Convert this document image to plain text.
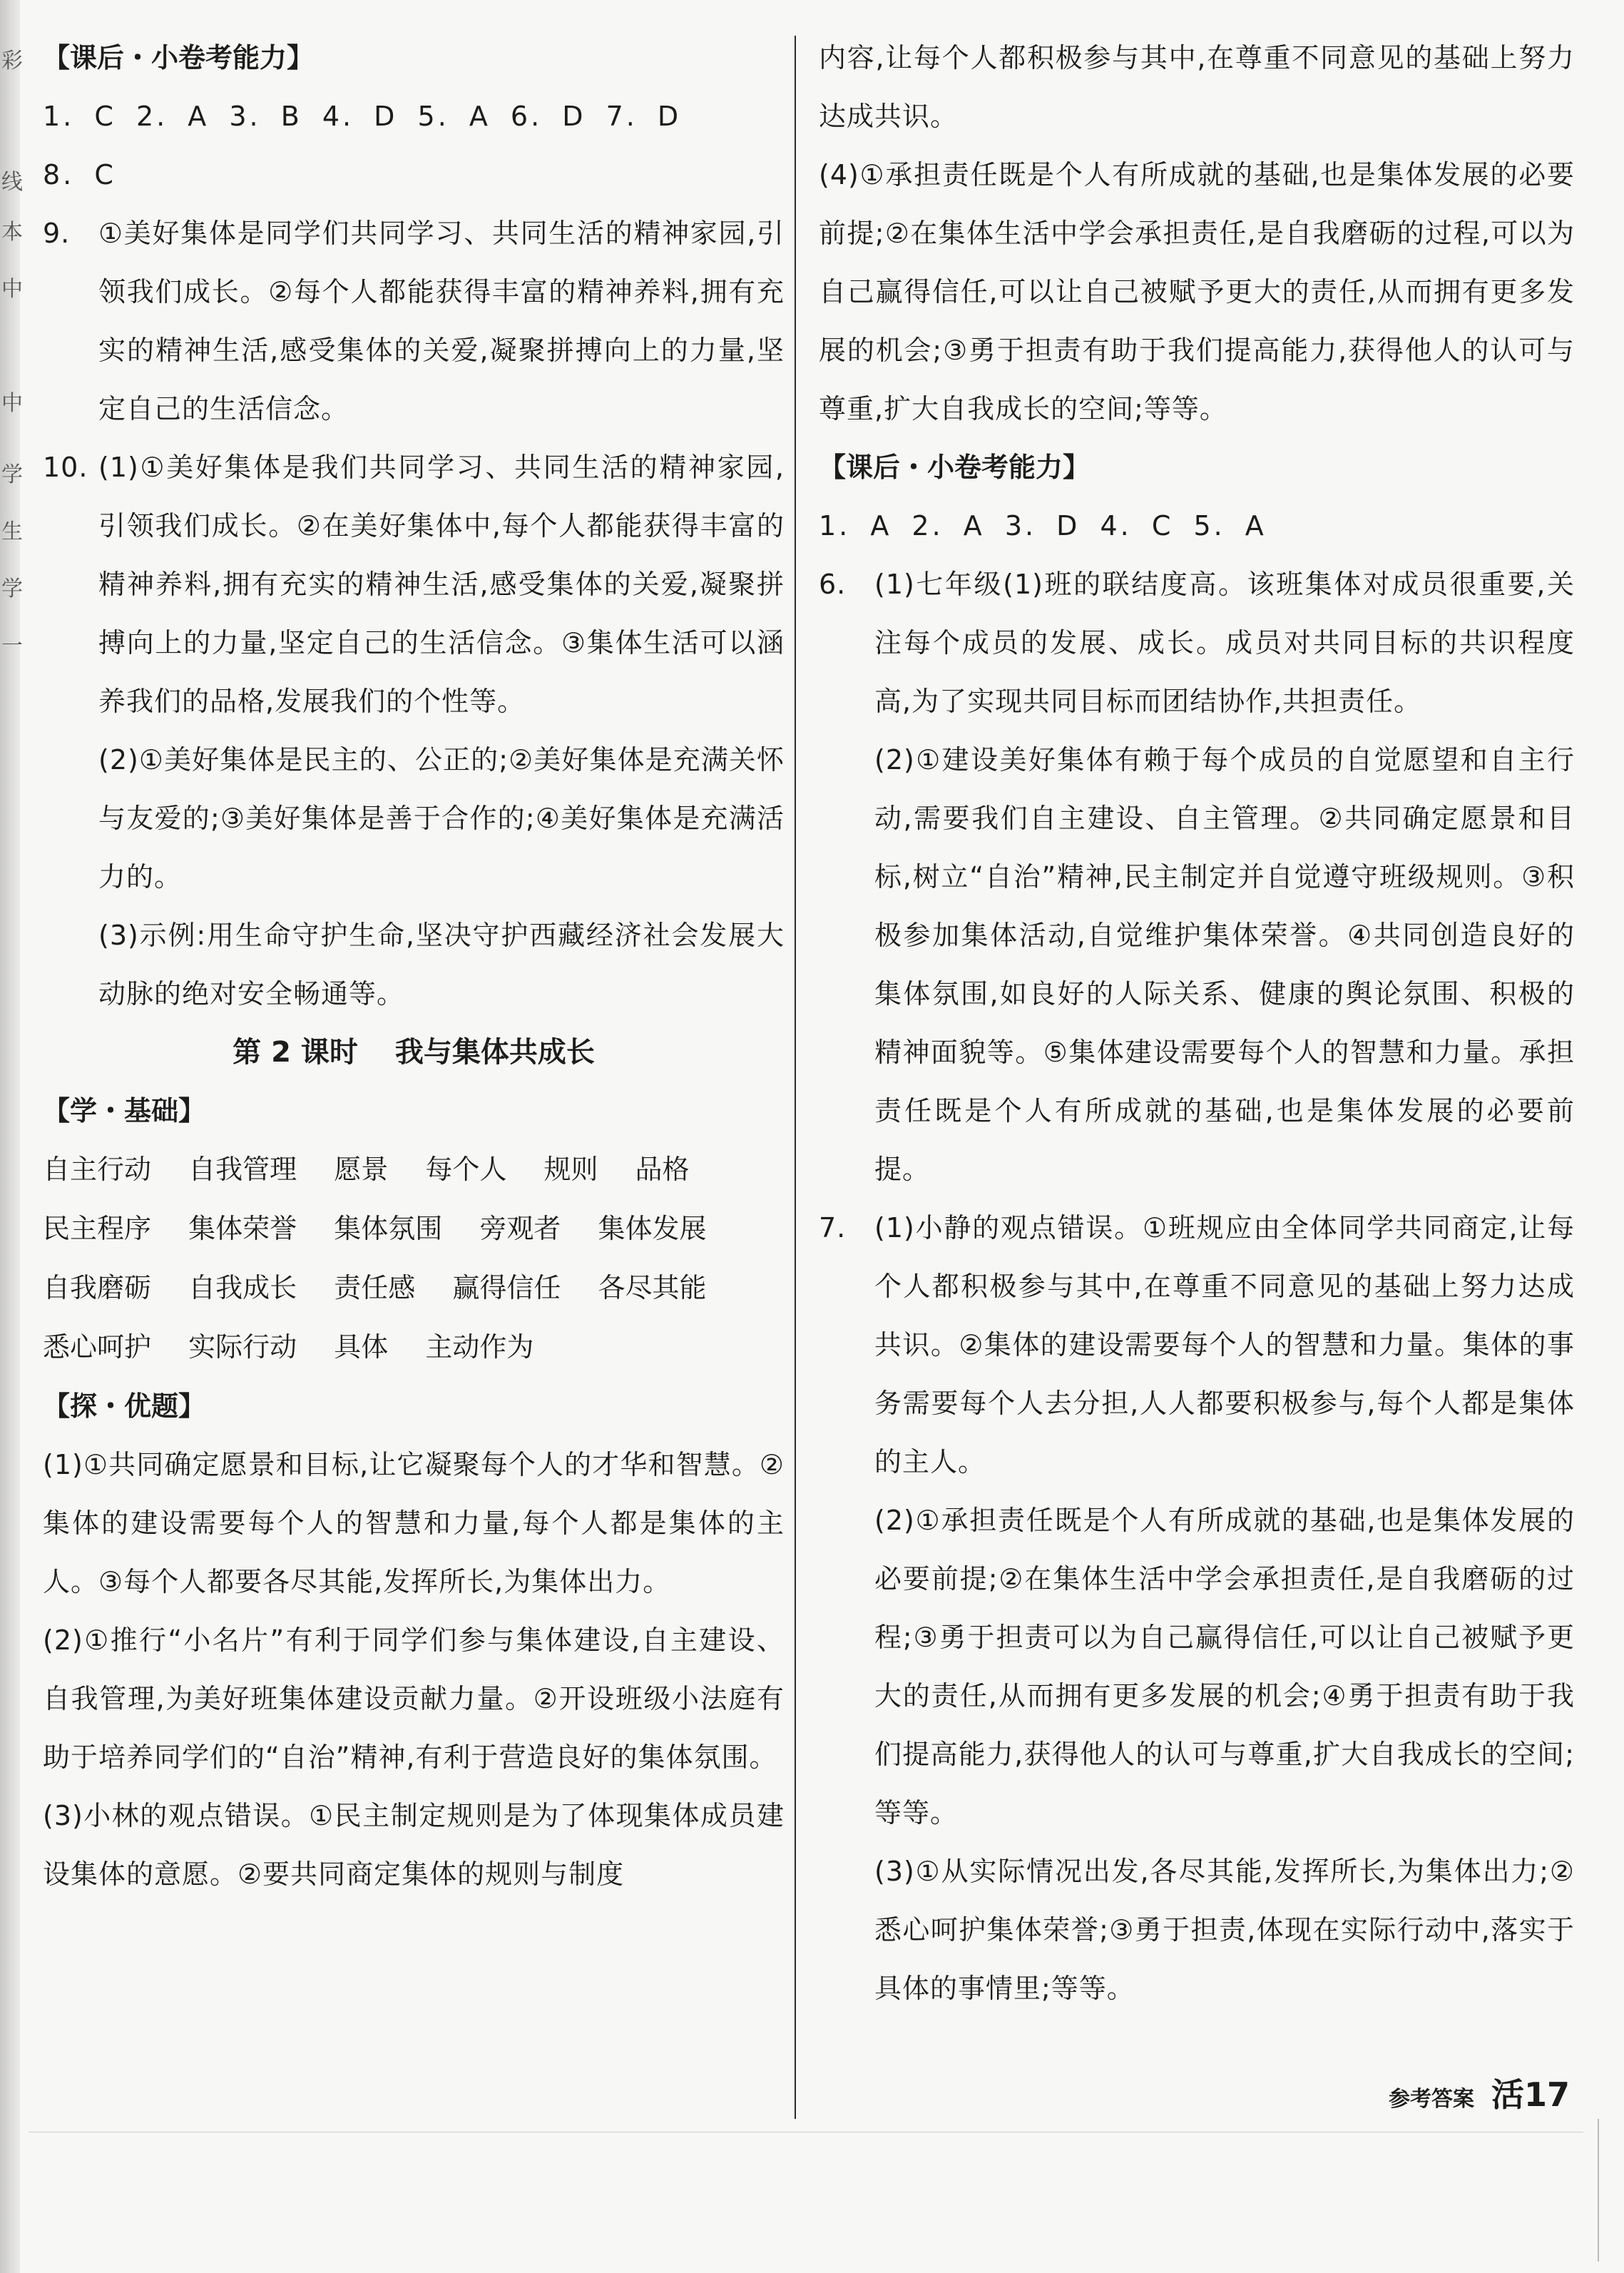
彩
线
本
中
中
学
生
学
一
【课后・小卷考能力】
1. C 2. A 3. B 4. D 5. A 6. D 7. D
8. C
9.	①美好集体是同学们共同学习、共同生活的精神家园,引领我们成长。②每个人都能获得丰富的精神养料,拥有充实的精神生活,感受集体的关爱,凝聚拼搏向上的力量,坚定自己的生活信念。
10. (1)①美好集体是我们共同学习、共同生活的精神家园,引领我们成长。②在美好集体中,每个人都能获得丰富的精神养料,拥有充实的精神生活,感受集体的关爱,凝聚拼搏向上的力量,坚定自己的生活信念。③集体生活可以涵养我们的品格,发展我们的个性等。
(2)①美好集体是民主的、公正的;②美好集体是充满关怀与友爱的;③美好集体是善于合作的;④美好集体是充满活力的。
(3)示例:用生命守护生命,坚决守护西藏经济社会发展大动脉的绝对安全畅通等。
第 2 课时 我与集体共成长
【学・基础】
自主行动 自我管理 愿景 每个人 规则 品格
民主程序 集体荣誉 集体氛围 旁观者 集体发展
自我磨砺 自我成长 责任感 赢得信任 各尽其能
悉心呵护 实际行动 具体 主动作为
【探・优题】
(1)①共同确定愿景和目标,让它凝聚每个人的才华和智慧。②集体的建设需要每个人的智慧和力量,每个人都是集体的主人。③每个人都要各尽其能,发挥所长,为集体出力。
(2)①推行“小名片”有利于同学们参与集体建设,自主建设、自我管理,为美好班集体建设贡献力量。②开设班级小法庭有助于培养同学们的“自治”精神,有利于营造良好的集体氛围。
(3)小林的观点错误。①民主制定规则是为了体现集体成员建设集体的意愿。②要共同商定集体的规则与制度
内容,让每个人都积极参与其中,在尊重不同意见的基础上努力达成共识。
(4)①承担责任既是个人有所成就的基础,也是集体发展的必要前提;②在集体生活中学会承担责任,是自我磨砺的过程,可以为自己赢得信任,可以让自己被赋予更大的责任,从而拥有更多发展的机会;③勇于担责有助于我们提高能力,获得他人的认可与尊重,扩大自我成长的空间;等等。
【课后・小卷考能力】
1. A 2. A 3. D 4. C 5. A
6.	(1)七年级(1)班的联结度高。该班集体对成员很重要,关注每个成员的发展、成长。成员对共同目标的共识程度高,为了实现共同目标而团结协作,共担责任。
(2)①建设美好集体有赖于每个成员的自觉愿望和自主行动,需要我们自主建设、自主管理。②共同确定愿景和目标,树立“自治”精神,民主制定并自觉遵守班级规则。③积极参加集体活动,自觉维护集体荣誉。④共同创造良好的集体氛围,如良好的人际关系、健康的舆论氛围、积极的精神面貌等。⑤集体建设需要每个人的智慧和力量。承担责任既是个人有所成就的基础,也是集体发展的必要前提。
7.	(1)小静的观点错误。①班规应由全体同学共同商定,让每个人都积极参与其中,在尊重不同意见的基础上努力达成共识。②集体的建设需要每个人的智慧和力量。集体的事务需要每个人去分担,人人都要积极参与,每个人都是集体的主人。
(2)①承担责任既是个人有所成就的基础,也是集体发展的必要前提;②在集体生活中学会承担责任,是自我磨砺的过程;③勇于担责可以为自己赢得信任,可以让自己被赋予更大的责任,从而拥有更多发展的机会;④勇于担责有助于我们提高能力,获得他人的认可与尊重,扩大自我成长的空间;等等。
(3)①从实际情况出发,各尽其能,发挥所长,为集体出力;②悉心呵护集体荣誉;③勇于担责,体现在实际行动中,落实于具体的事情里;等等。
参考答案 活17
